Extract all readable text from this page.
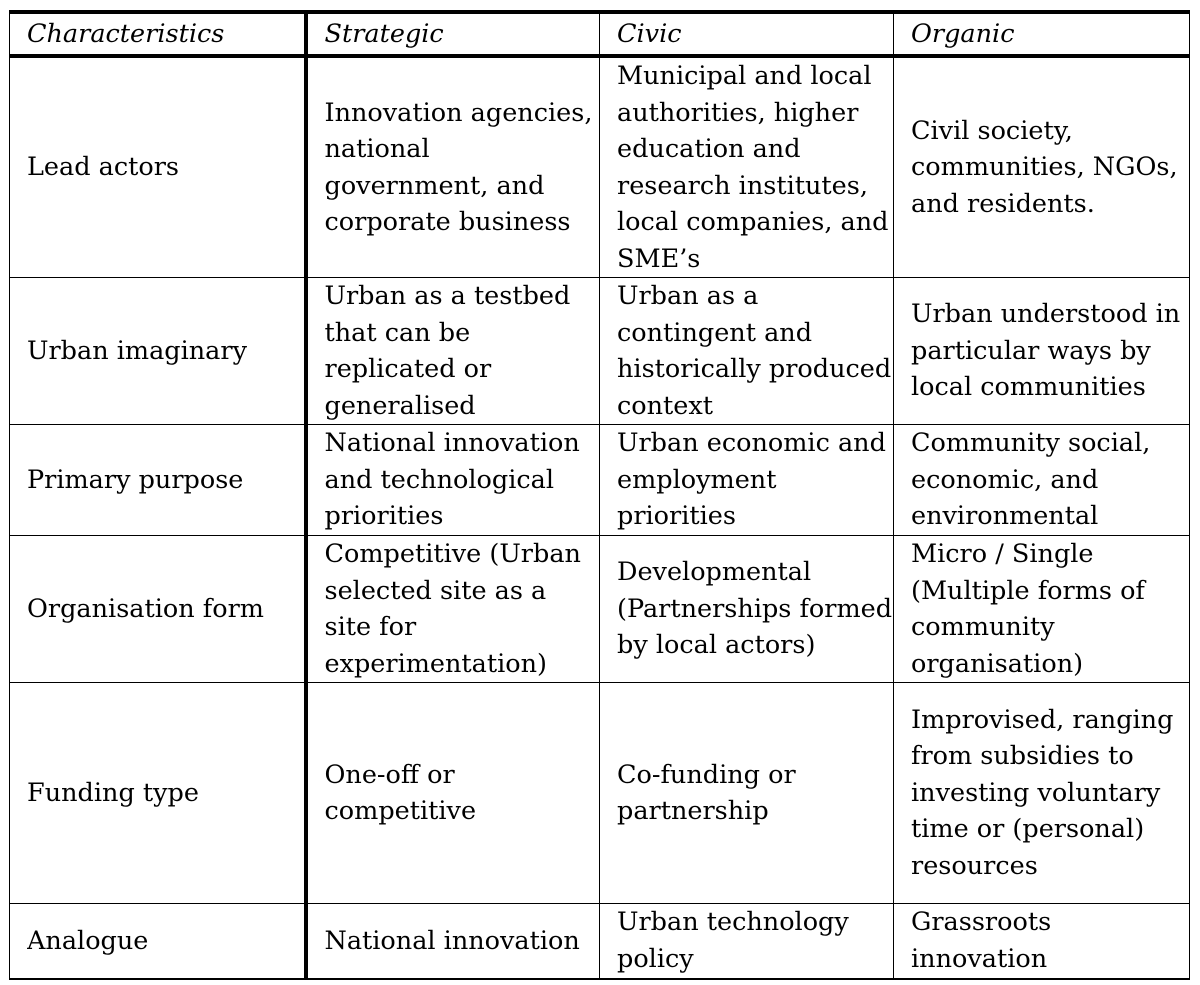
Characteristics	Strategic	Civic	Organic

Lead actors	Innovation agencies, national government, and corporate business	Municipal and local authorities, higher education and research institutes, local companies, and SME’s	Civil society, communities, NGOs, and residents.

Urban imaginary	Urban as a testbed that can be replicated or generalised	Urban as a contingent and historically produced context	Urban understood in particular ways by local communities

Primary purpose	National innovation and technological priorities	Urban economic and employment priorities	Community social, economic, and environmental

Organisation form	Competitive (Urban selected site as a site for experimentation)	Developmental (Partnerships formed by local actors)	Micro / Single (Multiple forms of community organisation)

Funding type	One-off or competitive	Co-funding or partnership	Improvised, ranging from subsidies to investing voluntary time or (personal) resources

Analogue	National innovation	Urban technology policy	Grassroots innovation
